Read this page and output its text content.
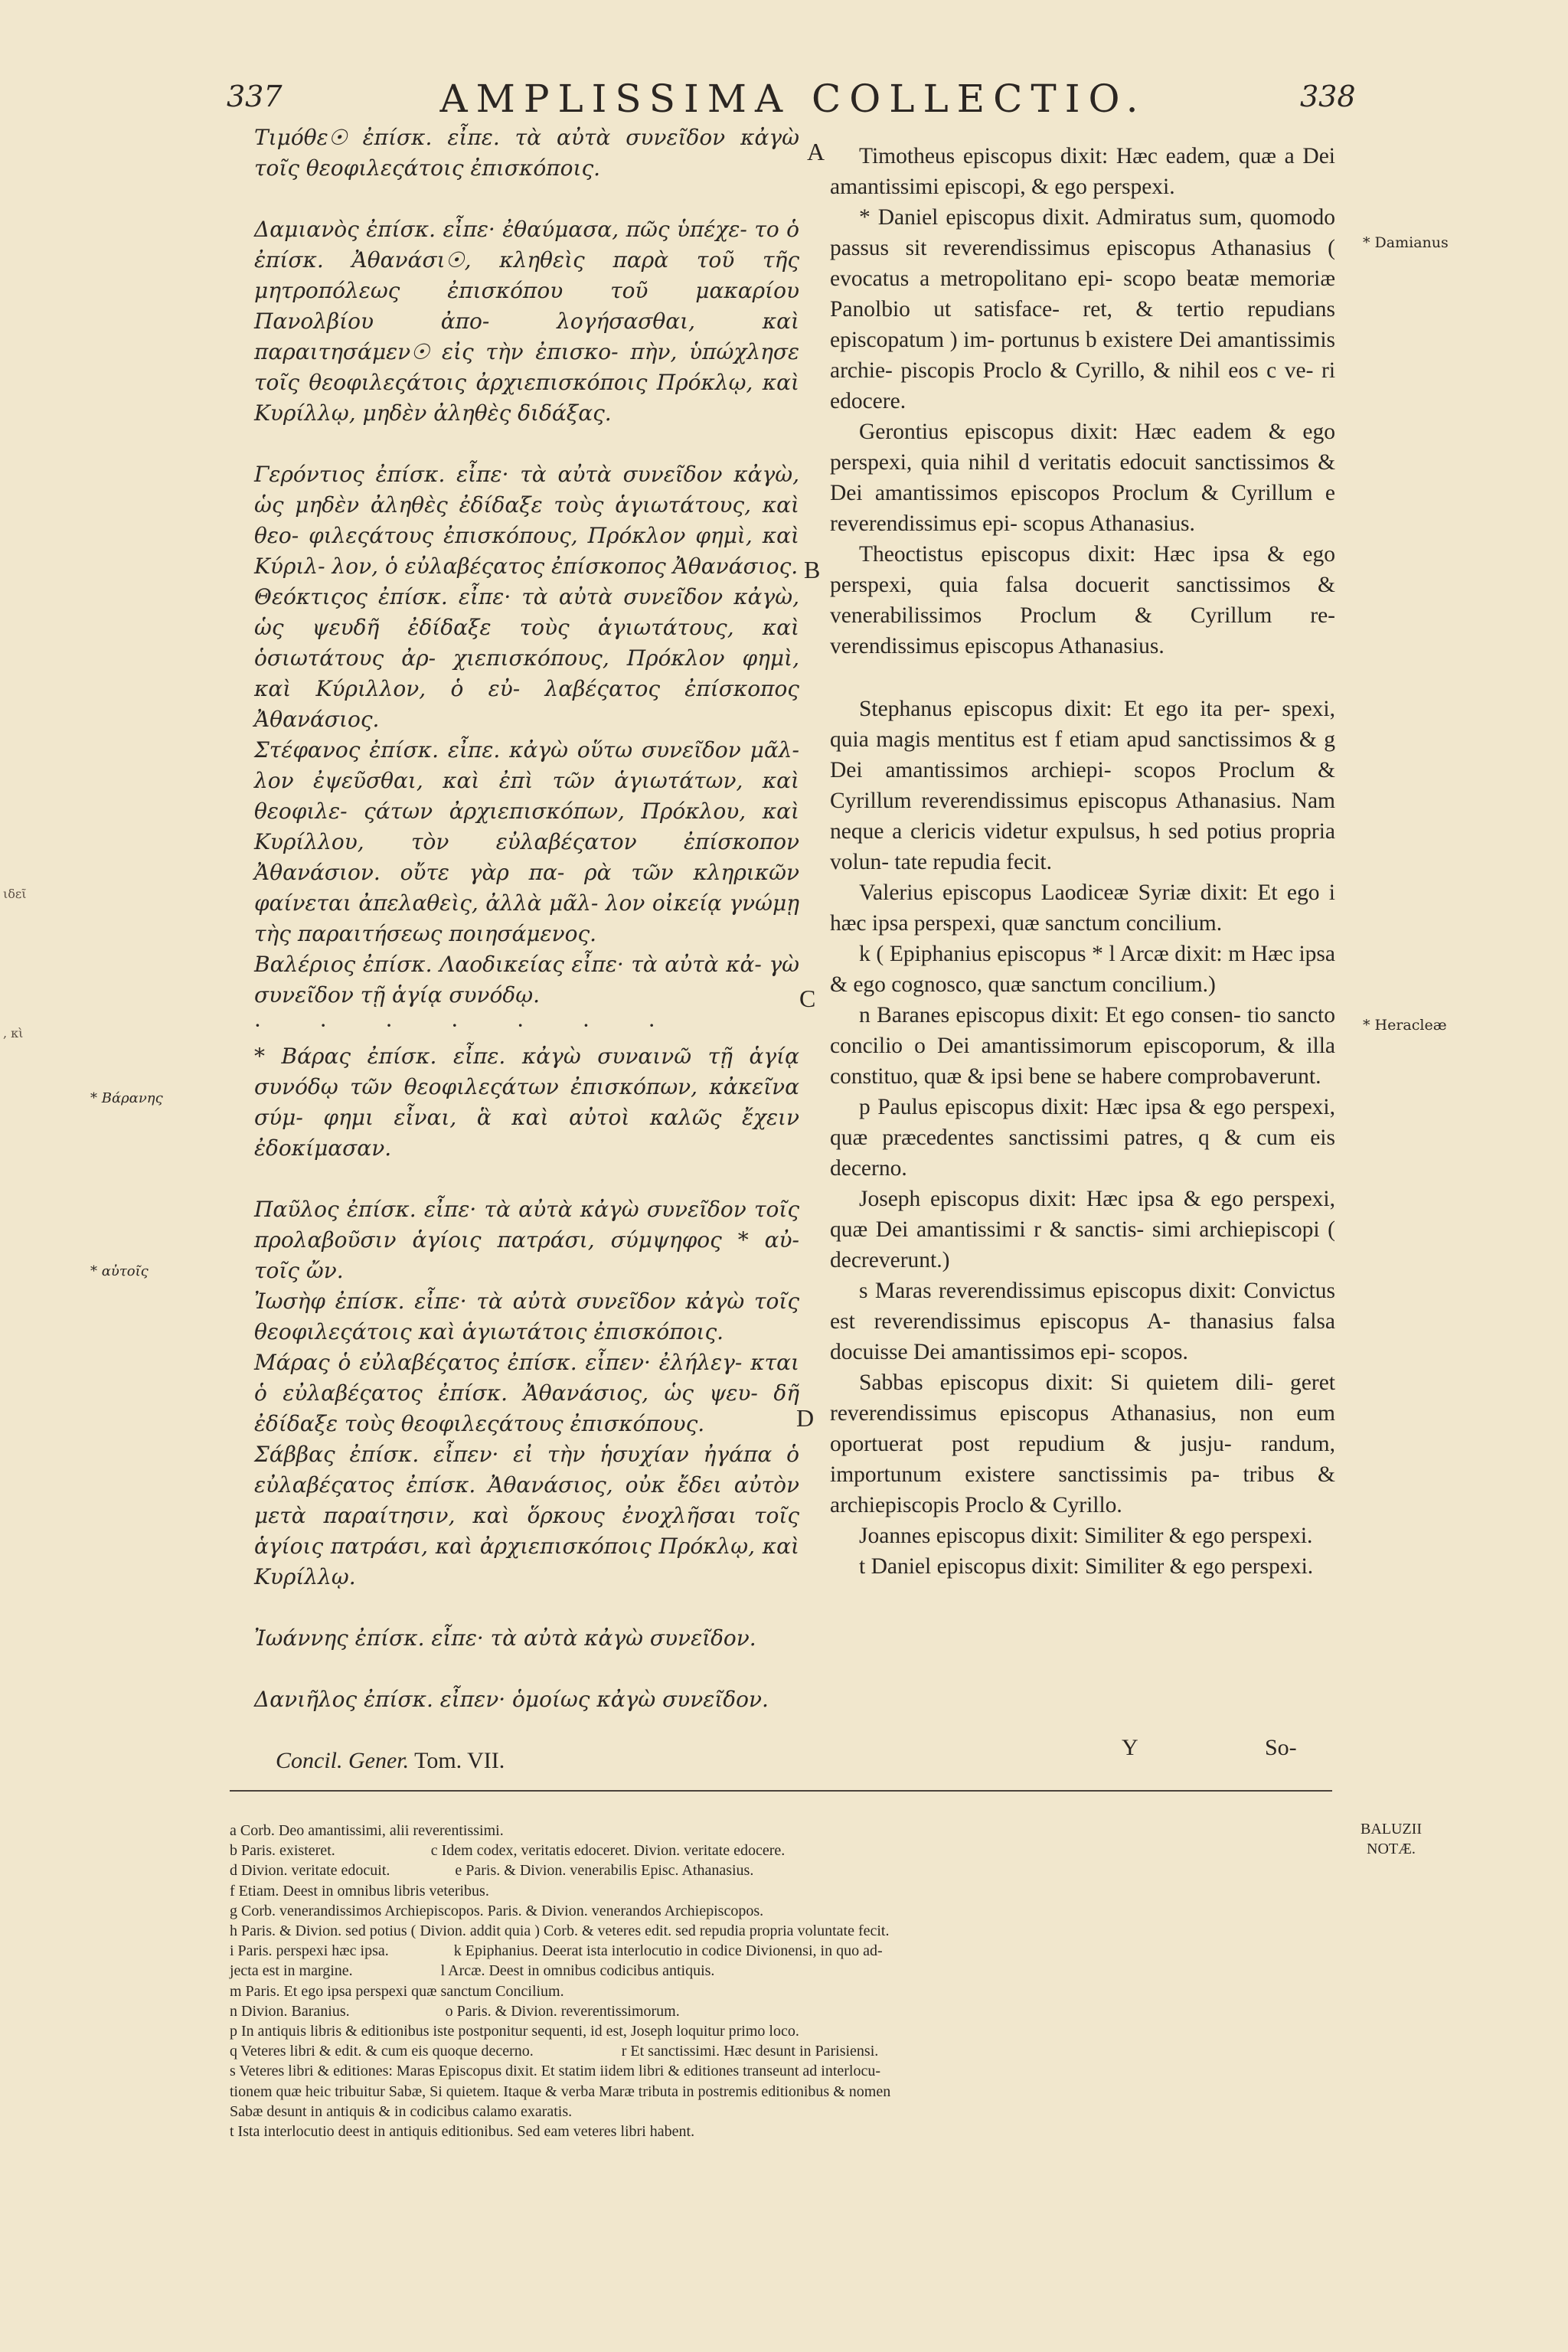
337	AMPLISSIMA COLLECTIO.	338

Τιμόθε☉ ἐπίσκ. εἶπε. τὰ αὐτὰ συνεῖδον κἀγὼ τοῖς θεοφιλεςάτοις ἐπισκόποις.

Δαμιανὸς ἐπίσκ. εἶπε· ἐθαύμασα, πῶς ὑπέχε- το ὁ ἐπίσκ. Ἀθανάσι☉, κληθεὶς παρὰ τοῦ τῆς μητροπόλεως ἐπισκόπου τοῦ μακαρίου Πανολβίου ἀπο-	λογήσασθαι, καὶ παραιτησάμεν☉ εἰς τὴν ἐπισκο- πὴν, ὑπώχλησε τοῖς θεοφιλεςάτοις ἀρχιεπισκόποις Πρόκλῳ, καὶ Κυρίλλῳ, μηδὲν ἀληθὲς διδάξας.

Γερόντιος ἐπίσκ. εἶπε· τὰ αὐτὰ συνεῖδον κἀγὼ, ὡς μηδὲν ἀληθὲς ἐδίδαξε τοὺς ἁγιωτάτους, καὶ θεο- φιλεςάτους ἐπισκόπους, Πρόκλον φημὶ, καὶ Κύριλ- λον, ὁ εὐλαβέςατος ἐπίσκοπος Ἀθανάσιος.

Θεόκτιςος ἐπίσκ. εἶπε· τὰ αὐτὰ συνεῖδον κἀγὼ, ὡς ψευδῆ ἐδίδαξε τοὺς ἁγιωτάτους, καὶ ὁσιωτάτους ἀρ- χιεπισκόπους, Πρόκλον φημὶ, καὶ Κύριλλον, ὁ εὐ- λαβέςατος ἐπίσκοπος Ἀθανάσιος.

Στέφανος ἐπίσκ. εἶπε. κἀγὼ οὕτω συνεῖδον μᾶλ- λον ἐψεῦσθαι, καὶ ἐπὶ τῶν ἁγιωτάτων, καὶ θεοφιλε- ςάτων ἀρχιεπισκόπων, Πρόκλου, καὶ Κυρίλλου, τὸν εὐλαβέςατον ἐπίσκοπον Ἀθανάσιον. οὔτε γὰρ πα- ρὰ τῶν κληρικῶν φαίνεται ἀπελαθεὶς, ἀλλὰ μᾶλ- λον οἰκείᾳ γνώμῃ τὴς παραιτήσεως ποιησάμενος.

Βαλέριος ἐπίσκ. Λαοδικείας εἶπε· τὰ αὐτὰ κἀ- γὼ συνεῖδον τῇ ἁγίᾳ συνόδῳ.

· · · · · · ·

* Βάρας ἐπίσκ. εἶπε. κἀγὼ συναινῶ τῇ ἁγίᾳ συνόδῳ τῶν θεοφιλεςάτων ἐπισκόπων, κἀκεῖνα σύμ- φημι εἶναι, ἃ καὶ αὐτοὶ καλῶς ἔχειν ἐδοκίμασαν.

Παῦλος ἐπίσκ. εἶπε· τὰ αὐτὰ κἀγὼ συνεῖδον τοῖς προλαβοῦσιν ἁγίοις πατράσι, σύμψηφος * αὐ- τοῖς ὤν.

Ἰωσὴφ ἐπίσκ. εἶπε· τὰ αὐτὰ συνεῖδον κἀγὼ τοῖς θεοφιλεςάτοις καὶ ἁγιωτάτοις ἐπισκόποις.

Μάρας ὁ εὐλαβέςατος ἐπίσκ. εἶπεν· ἐλήλεγ- κται ὁ εὐλαβέςατος ἐπίσκ. Ἀθανάσιος, ὡς ψευ- δῆ ἐδίδαξε τοὺς θεοφιλεςάτους ἐπισκόπους.

Σάββας ἐπίσκ. εἶπεν· εἰ τὴν ἡσυχίαν ἠγάπα ὁ εὐλαβέςατος ἐπίσκ. Ἀθανάσιος, οὐκ ἔδει αὐτὸν μετὰ παραίτησιν, καὶ ὅρκους ἐνοχλῆσαι τοῖς ἁγίοις πατράσι, καὶ ἀρχιεπισκόποις Πρόκλῳ, καὶ Κυρίλλῳ.

Ἰωάννης ἐπίσκ. εἶπε· τὰ αὐτὰ κἀγὼ συνεῖδον.

Δανιῆλος ἐπίσκ. εἶπεν· ὁμοίως κἀγὼ συνεῖδον.

Timotheus episcopus dixit: Hæc eadem, quæ a Dei amantissimi episcopi, & ego perspexi.

* Daniel episcopus dixit. Admiratus sum, quomodo passus sit reverendissimus episcopus Athanasius ( evocatus a metropolitano epi- scopo beatæ memoriæ Panolbio ut satisface- ret, & tertio repudians episcopatum ) im- portunus b existere Dei amantissimis archie- piscopis Proclo & Cyrillo, & nihil eos c ve- ri edocere.

Gerontius episcopus dixit: Hæc eadem & ego perspexi, quia nihil d veritatis edocuit sanctissimos & Dei amantissimos episcopos Proclum & Cyrillum e reverendissimus epi- scopus Athanasius.

Theoctistus episcopus dixit: Hæc ipsa & ego perspexi, quia falsa docuerit sanctissimos & venerabilissimos Proclum & Cyrillum re- verendissimus episcopus Athanasius.

Stephanus episcopus dixit: Et ego ita per- spexi, quia magis mentitus est f etiam apud sanctissimos & g Dei amantissimos archiepi- scopos Proclum & Cyrillum reverendissimus episcopus Athanasius. Nam neque a clericis videtur expulsus, h sed potius propria volun- tate repudia fecit.

Valerius episcopus Laodiceæ Syriæ dixit: Et ego i hæc ipsa perspexi, quæ sanctum concilium.

k ( Epiphanius episcopus * l Arcæ dixit: m Hæc ipsa & ego cognosco, quæ sanctum concilium.)

n Baranes episcopus dixit: Et ego consen- tio sancto concilio o Dei amantissimorum episcoporum, & illa constituo, quæ & ipsi bene se habere comprobaverunt.

p Paulus episcopus dixit: Hæc ipsa & ego perspexi, quæ præcedentes sanctissimi patres, q & cum eis decerno.

Joseph episcopus dixit: Hæc ipsa & ego perspexi, quæ Dei amantissimi r & sanctis- simi archiepiscopi ( decreverunt.)

s Maras reverendissimus episcopus dixit: Convictus est reverendissimus episcopus A- thanasius falsa docuisse Dei amantissimos epi- scopos.

Sabbas episcopus dixit: Si quietem dili- geret reverendissimus episcopus Athanasius, non eum oportuerat post repudium & jusju- randum, importunum existere sanctissimis pa- tribus & archiepiscopis Proclo & Cyrillo.

Joannes episcopus dixit: Similiter & ego perspexi.

t Daniel episcopus dixit: Similiter & ego perspexi.

A
B
C
D
* Βάρανης
* αὐτοῖς
* Damianus
* Heracleæ
ιδεῖ
, κὶ
Concil. Gener. Tom. VII.
Y	So-
BALUZII
NOTÆ.
a Corb. Deo amantissimi, alii reverentissimi.
b Paris. existeret.                         c Idem codex, veritatis edoceret. Divion. veritate edocere.
d Divion. veritate edocuit.                 e Paris. & Divion. venerabilis Episc. Athanasius.
f Etiam. Deest in omnibus libris veteribus.
g Corb. venerandissimos Archiepiscopos. Paris. & Divion. venerandos Archiepiscopos.
h Paris. & Divion. sed potius ( Divion. addit quia ) Corb. & veteres edit. sed repudia propria voluntate fecit.
i Paris. perspexi hæc ipsa.                 k Epiphanius. Deerat ista interlocutio in codice Divionensi, in quo ad-
jecta est in margine.                       l Arcæ. Deest in omnibus codicibus antiquis.
m Paris. Et ego ipsa perspexi quæ sanctum Concilium.
n Divion. Baranius.                         o Paris. & Divion. reverentissimorum.
p In antiquis libris & editionibus iste postponitur sequenti, id est, Joseph loquitur primo loco.
q Veteres libri & edit. & cum eis quoque decerno.                       r Et sanctissimi. Hæc desunt in Parisiensi.
s Veteres libri & editiones: Maras Episcopus dixit. Et statim iidem libri & editiones transeunt ad interlocu-
tionem quæ heic tribuitur Sabæ, Si quietem. Itaque & verba Maræ tributa in postremis editionibus & nomen
Sabæ desunt in antiquis & in codicibus calamo exaratis.
t Ista interlocutio deest in antiquis editionibus. Sed eam veteres libri habent.
